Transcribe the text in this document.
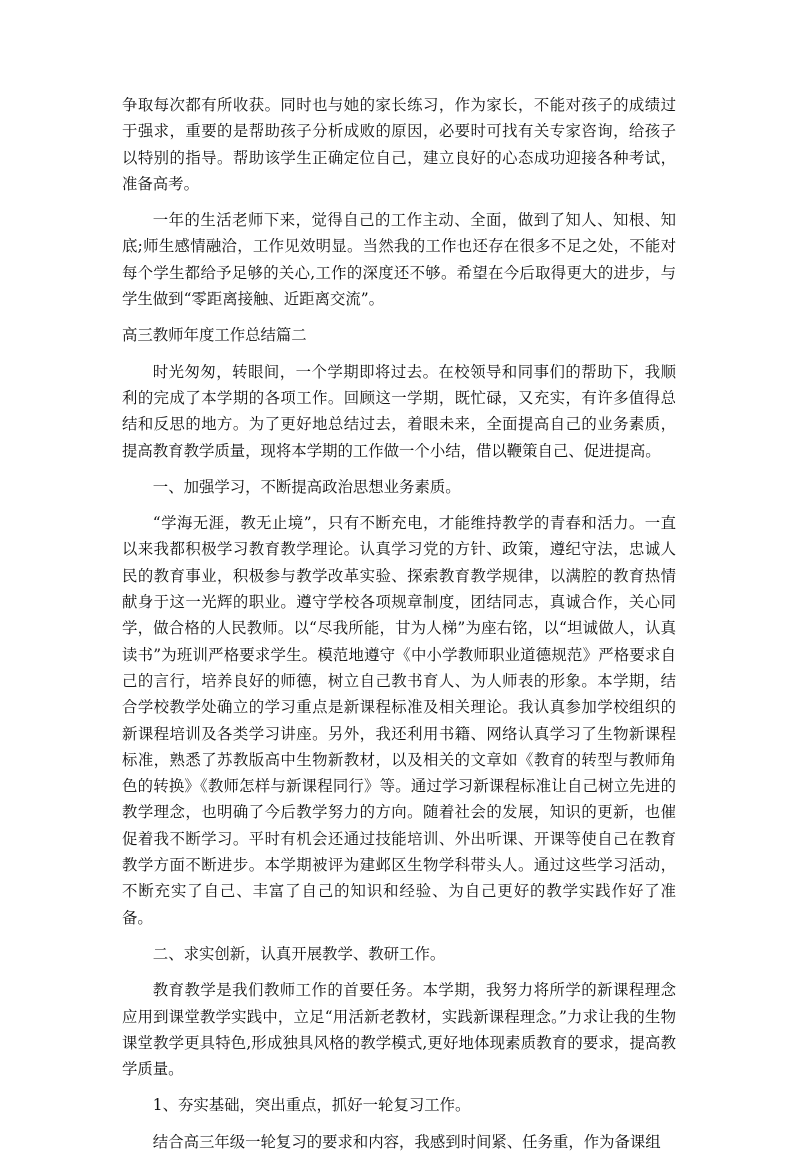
争取每次都有所收获。同时也与她的家长练习，作为家长，不能对孩子的成绩过于强求，重要的是帮助孩子分析成败的原因，必要时可找有关专家咨询，给孩子以特别的指导。帮助该学生正确定位自己，建立良好的心态成功迎接各种考试，准备高考。

一年的生活老师下来，觉得自己的工作主动、全面，做到了知人、知根、知底;师生感情融洽，工作见效明显。当然我的工作也还存在很多不足之处，不能对每个学生都给予足够的关心,工作的深度还不够。希望在今后取得更大的进步，与学生做到“零距离接触、近距离交流”。

高三教师年度工作总结篇二

时光匆匆，转眼间，一个学期即将过去。在校领导和同事们的帮助下，我顺利的完成了本学期的各项工作。回顾这一学期，既忙碌，又充实，有许多值得总结和反思的地方。为了更好地总结过去，着眼未来，全面提高自己的业务素质，提高教育教学质量，现将本学期的工作做一个小结，借以鞭策自己、促进提高。

一、加强学习，不断提高政治思想业务素质。

“学海无涯，教无止境”，只有不断充电，才能维持教学的青春和活力。一直以来我都积极学习教育教学理论。认真学习党的方针、政策，遵纪守法，忠诚人民的教育事业，积极参与教学改革实验、探索教育教学规律，以满腔的教育热情献身于这一光辉的职业。遵守学校各项规章制度，团结同志，真诚合作，关心同学，做合格的人民教师。以“尽我所能，甘为人梯”为座右铭，以“坦诚做人，认真读书”为班训严格要求学生。模范地遵守《中小学教师职业道德规范》严格要求自己的言行，培养良好的师德，树立自己教书育人、为人师表的形象。本学期，结合学校教学处确立的学习重点是新课程标准及相关理论。我认真参加学校组织的新课程培训及各类学习讲座。另外，我还利用书籍、网络认真学习了生物新课程标准，熟悉了苏教版高中生物新教材，以及相关的文章如《教育的转型与教师角色的转换》《教师怎样与新课程同行》等。通过学习新课程标准让自己树立先进的教学理念，也明确了今后教学努力的方向。随着社会的发展，知识的更新，也催促着我不断学习。平时有机会还通过技能培训、外出听课、开课等使自己在教育教学方面不断进步。本学期被评为建邺区生物学科带头人。通过这些学习活动，不断充实了自己、丰富了自己的知识和经验、为自己更好的教学实践作好了准备。

二、求实创新，认真开展教学、教研工作。

教育教学是我们教师工作的首要任务。本学期，我努力将所学的新课程理念应用到课堂教学实践中，立足“用活新老教材，实践新课程理念。”力求让我的生物课堂教学更具特色,形成独具风格的教学模式,更好地体现素质教育的要求，提高教学质量。

1、夯实基础，突出重点，抓好一轮复习工作。

结合高三年级一轮复习的要求和内容，我感到时间紧、任务重，作为备课组
